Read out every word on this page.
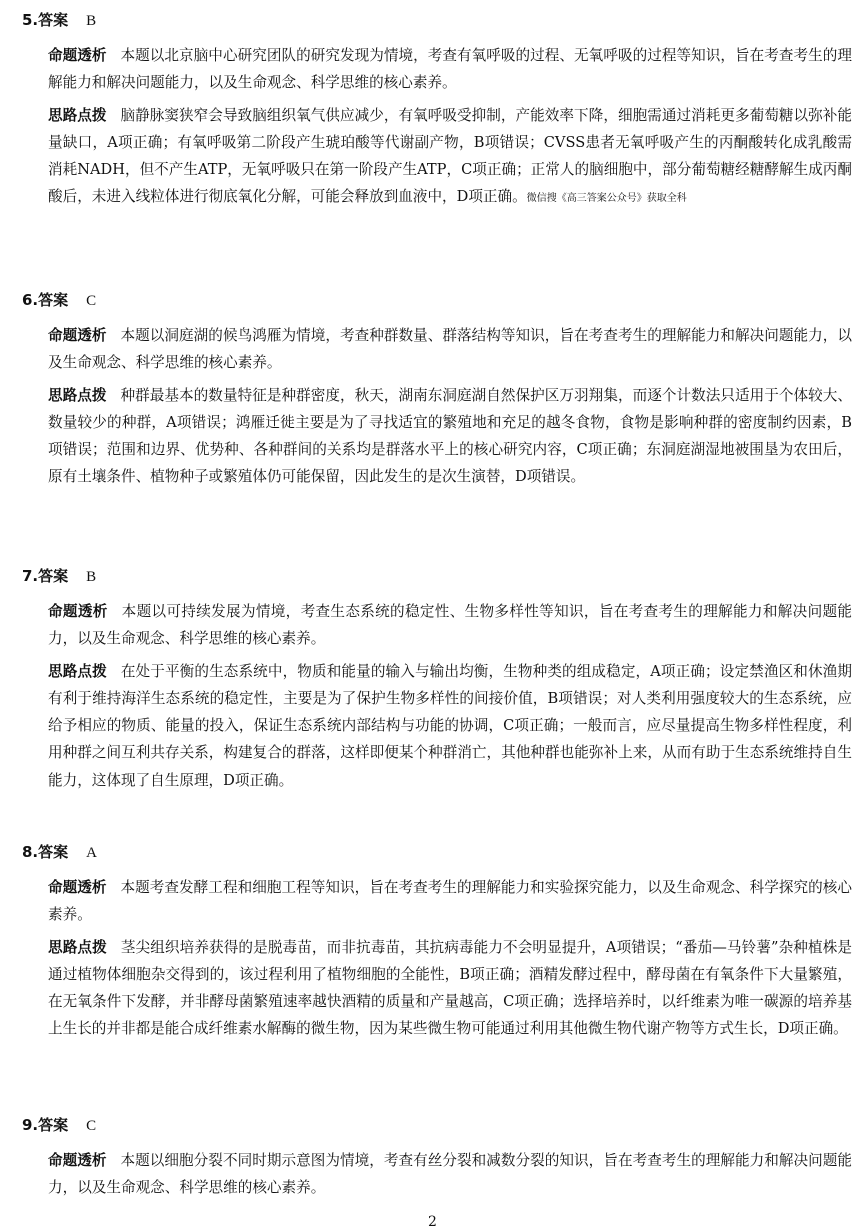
5.答案 B

命题透析 本题以北京脑中心研究团队的研究发现为情境，考查有氧呼吸的过程、无氧呼吸的过程等知识，旨在考查考生的理解能力和解决问题能力，以及生命观念、科学思维的核心素养。

思路点拨 脑静脉窦狭窄会导致脑组织氧气供应减少，有氧呼吸受抑制，产能效率下降，细胞需通过消耗更多葡萄糖以弥补能量缺口，A项正确；有氧呼吸第二阶段产生琥珀酸等代谢副产物，B项错误；CVSS患者无氧呼吸产生的丙酮酸转化成乳酸需消耗NADH，但不产生ATP，无氧呼吸只在第一阶段产生ATP，C项正确；正常人的脑细胞中，部分葡萄糖经糖酵解生成丙酮酸后，未进入线粒体进行彻底氧化分解，可能会释放到血液中，D项正确。微信搜《高三答案公众号》获取全科

6.答案 C

命题透析 本题以洞庭湖的候鸟鸿雁为情境，考查种群数量、群落结构等知识，旨在考查考生的理解能力和解决问题能力，以及生命观念、科学思维的核心素养。

思路点拨 种群最基本的数量特征是种群密度，秋天，湖南东洞庭湖自然保护区万羽翔集，而逐个计数法只适用于个体较大、数量较少的种群，A项错误；鸿雁迁徙主要是为了寻找适宜的繁殖地和充足的越冬食物，食物是影响种群的密度制约因素，B项错误；范围和边界、优势种、各种群间的关系均是群落水平上的核心研究内容，C项正确；东洞庭湖湿地被围垦为农田后，原有土壤条件、植物种子或繁殖体仍可能保留，因此发生的是次生演替，D项错误。

7.答案 B

命题透析 本题以可持续发展为情境，考查生态系统的稳定性、生物多样性等知识，旨在考查考生的理解能力和解决问题能力，以及生命观念、科学思维的核心素养。

思路点拨 在处于平衡的生态系统中，物质和能量的输入与输出均衡，生物种类的组成稳定，A项正确；设定禁渔区和休渔期有利于维持海洋生态系统的稳定性，主要是为了保护生物多样性的间接价值，B项错误；对人类利用强度较大的生态系统，应给予相应的物质、能量的投入，保证生态系统内部结构与功能的协调，C项正确；一般而言，应尽量提高生物多样性程度，利用种群之间互利共存关系，构建复合的群落，这样即便某个种群消亡，其他种群也能弥补上来，从而有助于生态系统维持自生能力，这体现了自生原理，D项正确。

8.答案 A

命题透析 本题考查发酵工程和细胞工程等知识，旨在考查考生的理解能力和实验探究能力，以及生命观念、科学探究的核心素养。

思路点拨 茎尖组织培养获得的是脱毒苗，而非抗毒苗，其抗病毒能力不会明显提升，A项错误；“番茄—马铃薯”杂种植株是通过植物体细胞杂交得到的，该过程利用了植物细胞的全能性，B项正确；酒精发酵过程中，酵母菌在有氧条件下大量繁殖，在无氧条件下发酵，并非酵母菌繁殖速率越快酒精的质量和产量越高，C项正确；选择培养时，以纤维素为唯一碳源的培养基上生长的并非都是能合成纤维素水解酶的微生物，因为某些微生物可能通过利用其他微生物代谢产物等方式生长，D项正确。

9.答案 C

命题透析 本题以细胞分裂不同时期示意图为情境，考查有丝分裂和减数分裂的知识，旨在考查考生的理解能力和解决问题能力，以及生命观念、科学思维的核心素养。

2
